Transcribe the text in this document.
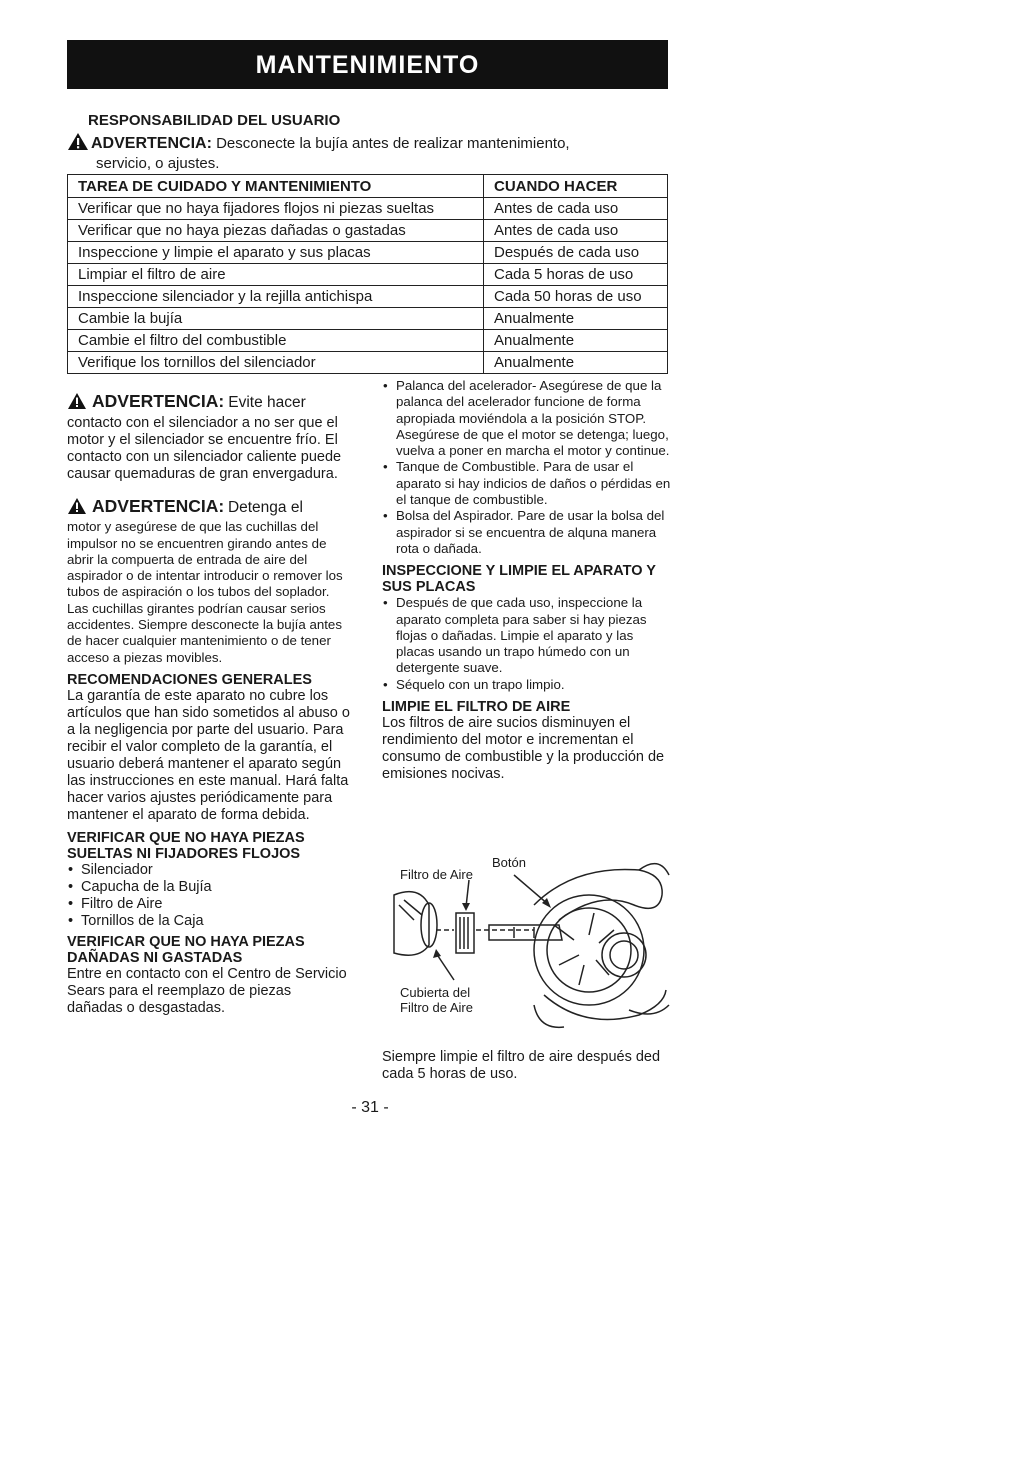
MANTENIMIENTO
RESPONSABILIDAD DEL USUARIO
ADVERTENCIA: Desconecte la bujía antes de realizar mantenimiento,
servicio, o ajustes.
TAREA DE CUIDADO Y MANTENIMIENTO	CUANDO HACER
Verificar que no haya fijadores flojos ni piezas sueltas	Antes de cada uso
Verificar que no haya piezas dañadas o gastadas	Antes de cada uso
Inspeccione y limpie el aparato y sus placas	Después de cada uso
Limpiar el filtro de aire	Cada 5 horas de uso
Inspeccione silenciador y la rejilla antichispa	Cada 50 horas de uso
Cambie la bujía	Anualmente
Cambie el filtro del combustible	Anualmente
Verifique los tornillos del silenciador	Anualmente

ADVERTENCIA: Evite hacer
contacto con el silenciador a no ser que el motor y el silenciador se encuentre frío. El contacto con un silenciador caliente puede causar quemaduras de gran envergadura.

ADVERTENCIA: Detenga el
motor y asegúrese de que las cuchillas del impulsor no se encuentren girando antes de abrir la compuerta de entrada de aire del aspirador o de intentar introducir o remover los tubos de aspiración o los tubos del soplador. Las cuchillas girantes podrían causar serios accidentes. Siempre desconecte la bujía antes de hacer cualquier mantenimiento o de tener acceso a piezas movibles.

RECOMENDACIONES GENERALES

La garantía de este aparato no cubre los artículos que han sido sometidos al abuso o a la negligencia por parte del usuario. Para recibir el valor completo de la garantía, el usuario deberá mantener el aparato según las instrucciones en este manual. Hará falta hacer varios ajustes periódicamente para mantener el aparato de forma debida.

VERIFICAR QUE NO HAYA PIEZAS SUELTAS NI FIJADORES FLOJOS
• Silenciador
• Capucha de la Bujía
• Filtro de Aire
• Tornillos de la Caja
VERIFICAR QUE NO HAYA PIEZAS DAÑADAS NI GASTADAS

Entre en contacto con el Centro de Servicio Sears para el reemplazo de piezas dañadas o desgastadas.

• Palanca del acelerador- Asegúrese de que la palanca del acelerador funcione de forma apropiada moviéndola a la posición STOP. Asegúrese de que el motor se detenga; luego, vuelva a poner en marcha el motor y continue.
• Tanque de Combustible. Para de usar el aparato si hay indicios de daños o pérdidas en el tanque de combustible.
• Bolsa del Aspirador. Pare de usar la bolsa del aspirador si se encuentra de alquna manera rota o dañada.
INSPECCIONE Y LIMPIE EL APARATO Y SUS PLACAS
• Después de que cada uso, inspeccione la aparato completa para saber si hay piezas flojas o dañadas. Limpie el aparato y las placas usando un trapo húmedo con un detergente suave.
• Séquelo con un trapo limpio.
LIMPIE EL FILTRO DE AIRE

Los filtros de aire sucios disminuyen el rendimiento del motor e incrementan el consumo de combustible y la producción de emisiones nocivas.

Filtro de Aire
Botón
Cubierta del
Filtro de Aire

Siempre limpie el filtro de aire después ded cada 5 horas de uso.

- 31 -
